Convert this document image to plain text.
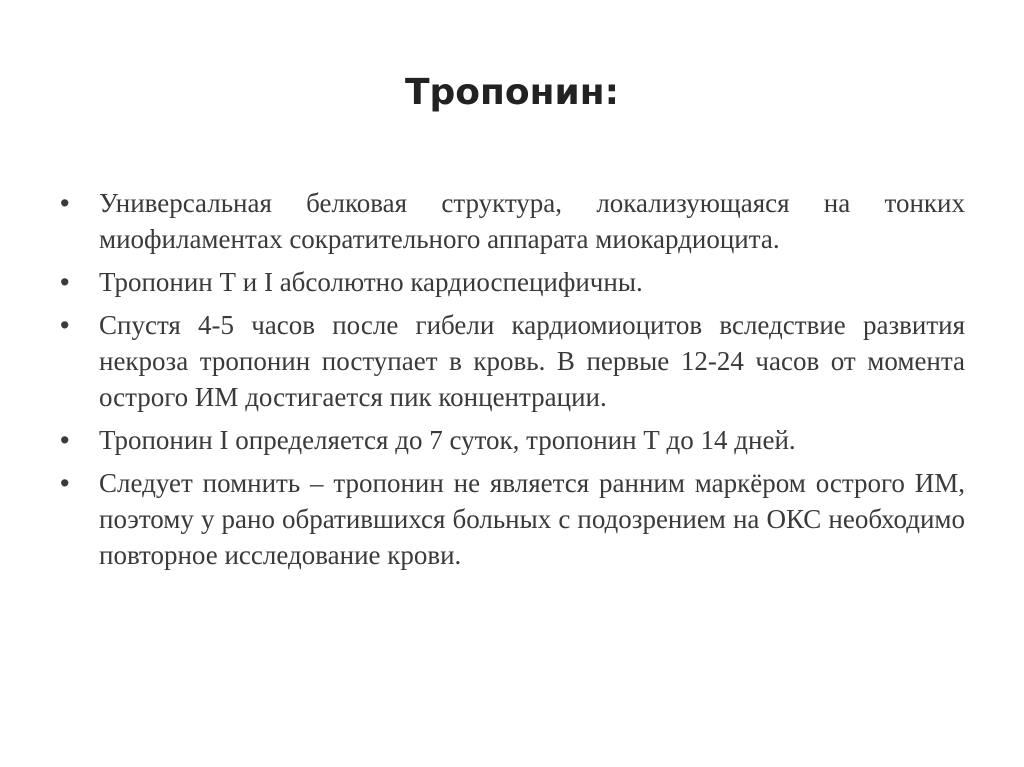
Тропонин:
•	Универсальная белковая структура, локализующаяся на тонких миофиламентах сократительного аппарата миокардиоцита.
•	Тропонин Т и I абсолютно кардиоспецифичны.
•	Спустя 4-5 часов после гибели кардиомиоцитов вследствие развития некроза тропонин поступает в кровь. В первые 12-24 часов от момента острого ИМ достигается пик концентрации.
•	Тропонин I определяется до 7 суток, тропонин Т до 14 дней.
•	Следует помнить – тропонин не является ранним маркёром острого ИМ, поэтому у рано обратившихся больных с подозрением на ОКС необходимо повторное исследование крови.
